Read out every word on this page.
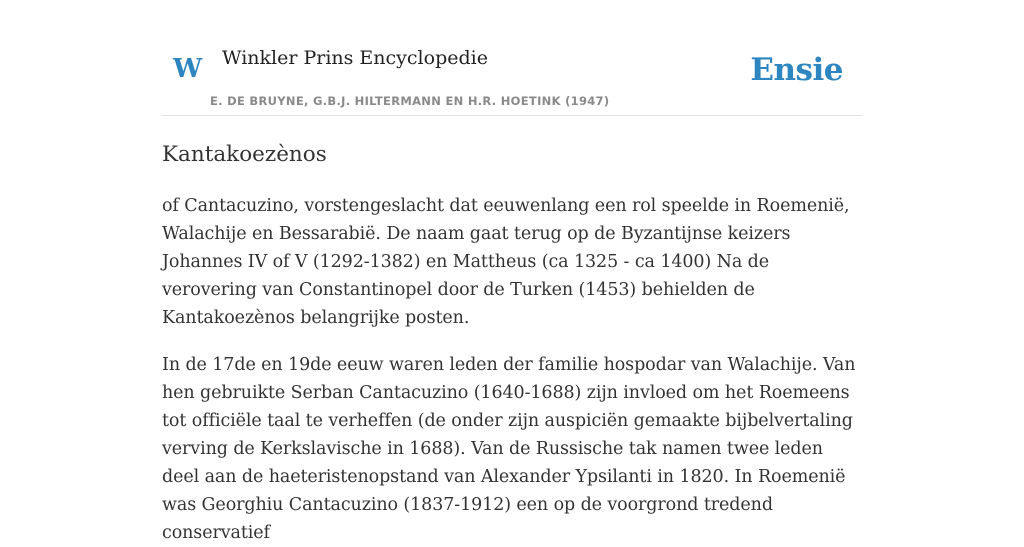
W Winkler Prins Encyclopedie
E. DE BRUYNE, G.B.J. HILTERMANN EN H.R. HOETINK (1947)
Ensie
Kantakoezènos

of Cantacuzino, vorstengeslacht dat eeuwenlang een rol speelde in Roemenië, Walachije en Bessarabië. De naam gaat terug op de Byzantijnse keizers Johannes IV of V (1292-1382) en Mattheus (ca 1325 - ca 1400) Na de verovering van Constantinopel door de Turken (1453) behielden de Kantakoezènos belangrijke posten.

In de 17de en 19de eeuw waren leden der familie hospodar van Walachije. Van hen gebruikte Serban Cantacuzino (1640-1688) zijn invloed om het Roemeens tot officiële taal te verheffen (de onder zijn auspiciën gemaakte bijbelvertaling verving de Kerkslavische in 1688). Van de Russische tak namen twee leden deel aan de haeteristenopstand van Alexander Ypsilanti in 1820. In Roemenië was Georghiu Cantacuzino (1837-1912) een op de voorgrond tredend conservatief
